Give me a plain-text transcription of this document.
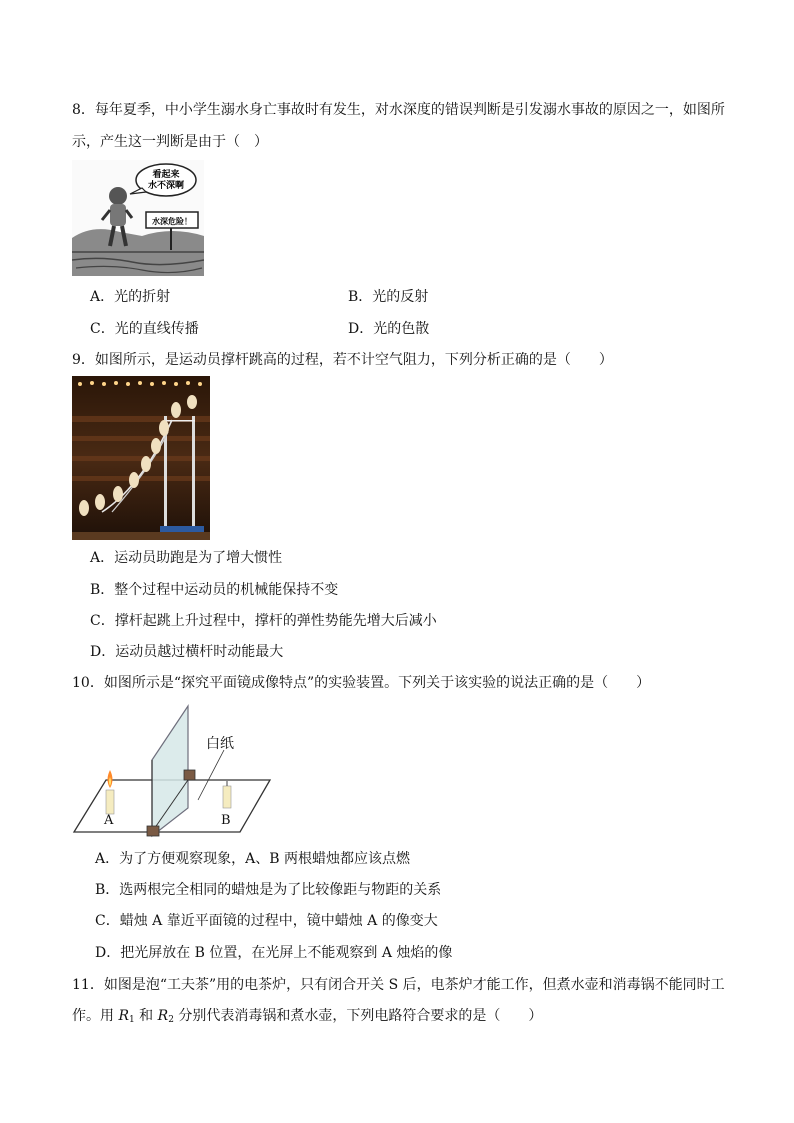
8．每年夏季，中小学生溺水身亡事故时有发生，对水深度的错误判断是引发溺水事故的原因之一，如图所
示，产生这一判断是由于（　）
看起来
水不深啊
水深危险！
A．光的折射	B．光的反射
C．光的直线传播	D．光的色散
9．如图所示，是运动员撑杆跳高的过程，若不计空气阻力，下列分析正确的是（　　）
A．运动员助跑是为了增大惯性
B．整个过程中运动员的机械能保持不变
C．撑杆起跳上升过程中，撑杆的弹性势能先增大后减小
D．运动员越过横杆时动能最大
10．如图所示是“探究平面镜成像特点”的实验装置。下列关于该实验的说法正确的是（　　）
白纸
A	B
A．为了方便观察现象，A、B 两根蜡烛都应该点燃
B．选两根完全相同的蜡烛是为了比较像距与物距的关系
C．蜡烛 A 靠近平面镜的过程中，镜中蜡烛 A 的像变大
D．把光屏放在 B 位置，在光屏上不能观察到 A 烛焰的像
11．如图是泡“工夫茶”用的电茶炉，只有闭合开关 S 后，电茶炉才能工作，但煮水壶和消毒锅不能同时工
作。用 $R_1$ 和 $R_2$ 分别代表消毒锅和煮水壶，下列电路符合要求的是（　　）
